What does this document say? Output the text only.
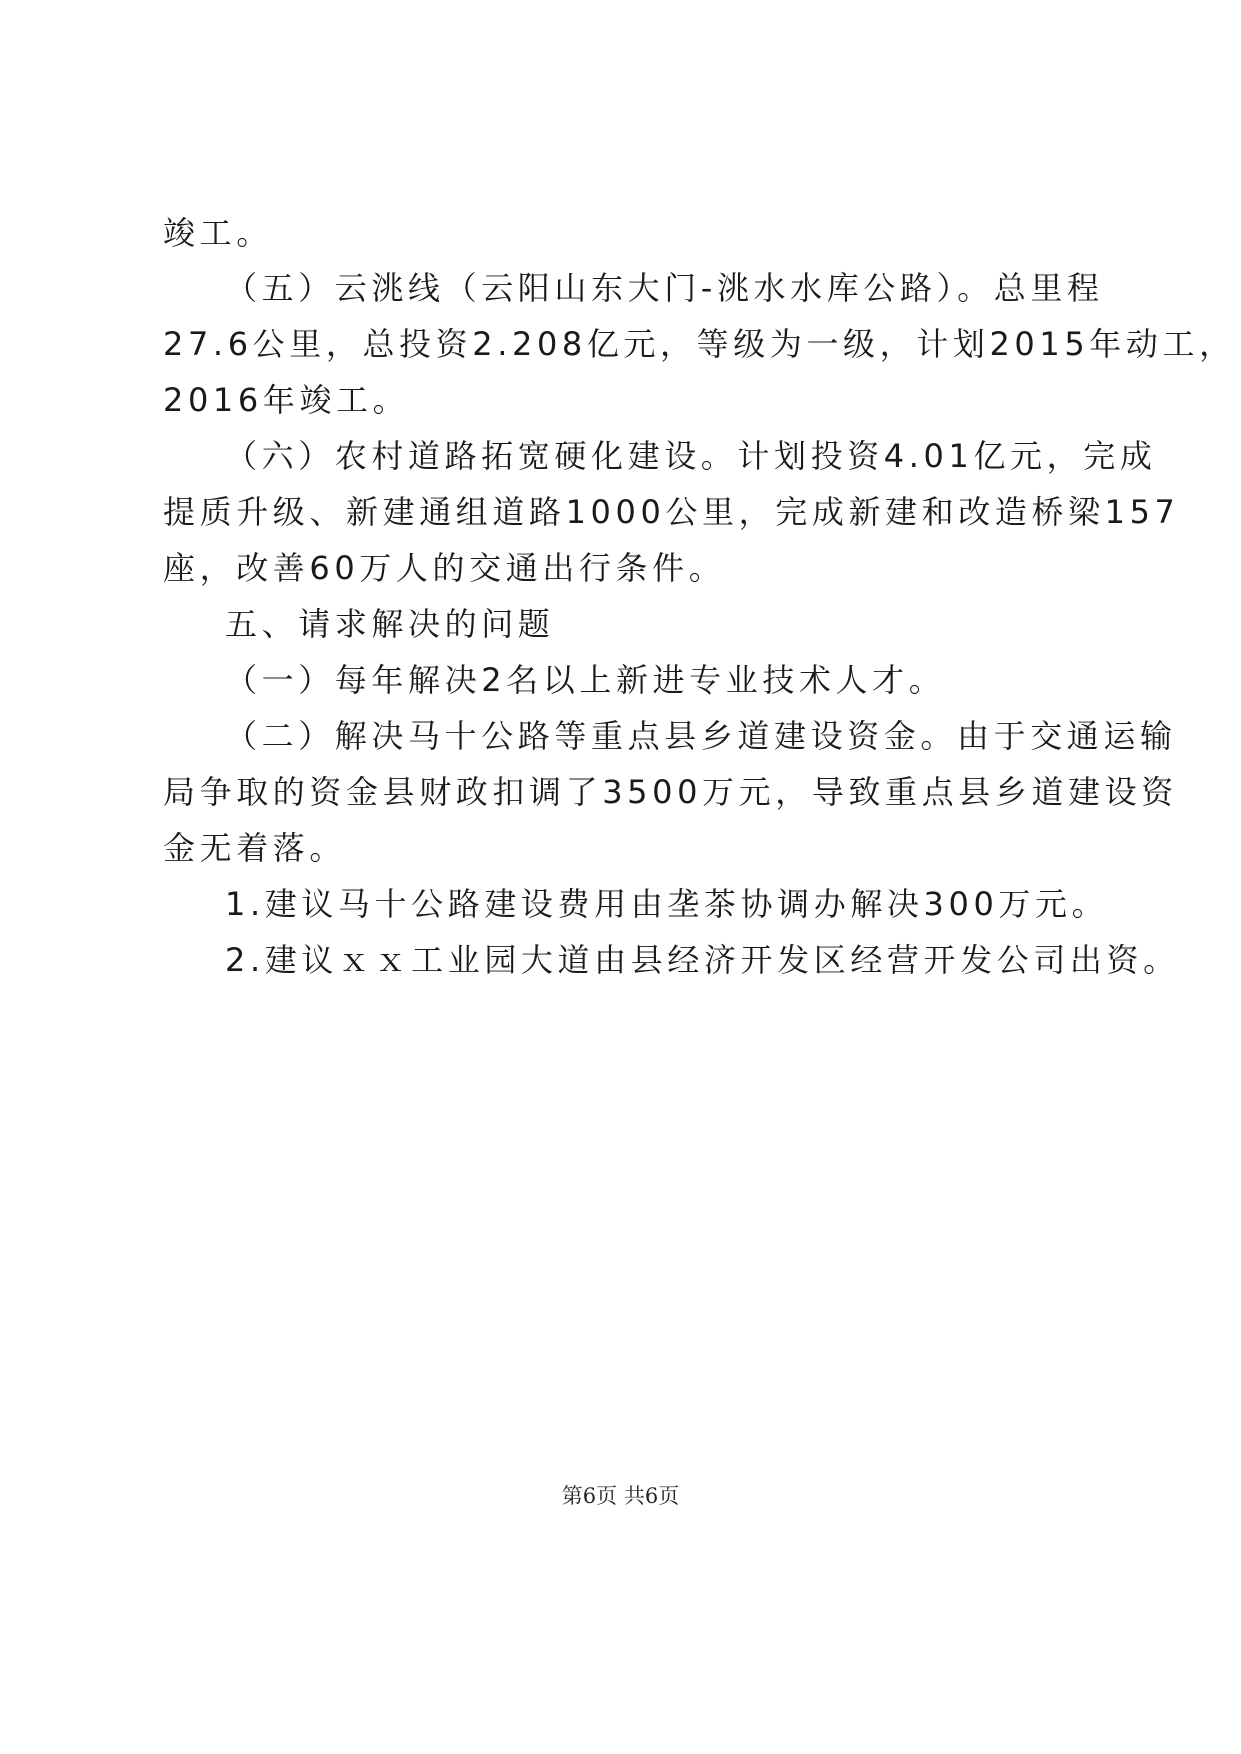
竣工。
（五）云洮线（云阳山东大门-洮水水库公路）。总里程
27.6公里，总投资2.208亿元，等级为一级，计划2015年动工，
2016年竣工。
（六）农村道路拓宽硬化建设。计划投资4.01亿元，完成
提质升级、新建通组道路1000公里，完成新建和改造桥梁157
座，改善60万人的交通出行条件。
五、请求解决的问题
（一）每年解决2名以上新进专业技术人才。
（二）解决马十公路等重点县乡道建设资金。由于交通运输
局争取的资金县财政扣调了3500万元，导致重点县乡道建设资
金无着落。
1.建议马十公路建设费用由垄茶协调办解决300万元。
2.建议ｘｘ工业园大道由县经济开发区经营开发公司出资。
第6页 共6页
